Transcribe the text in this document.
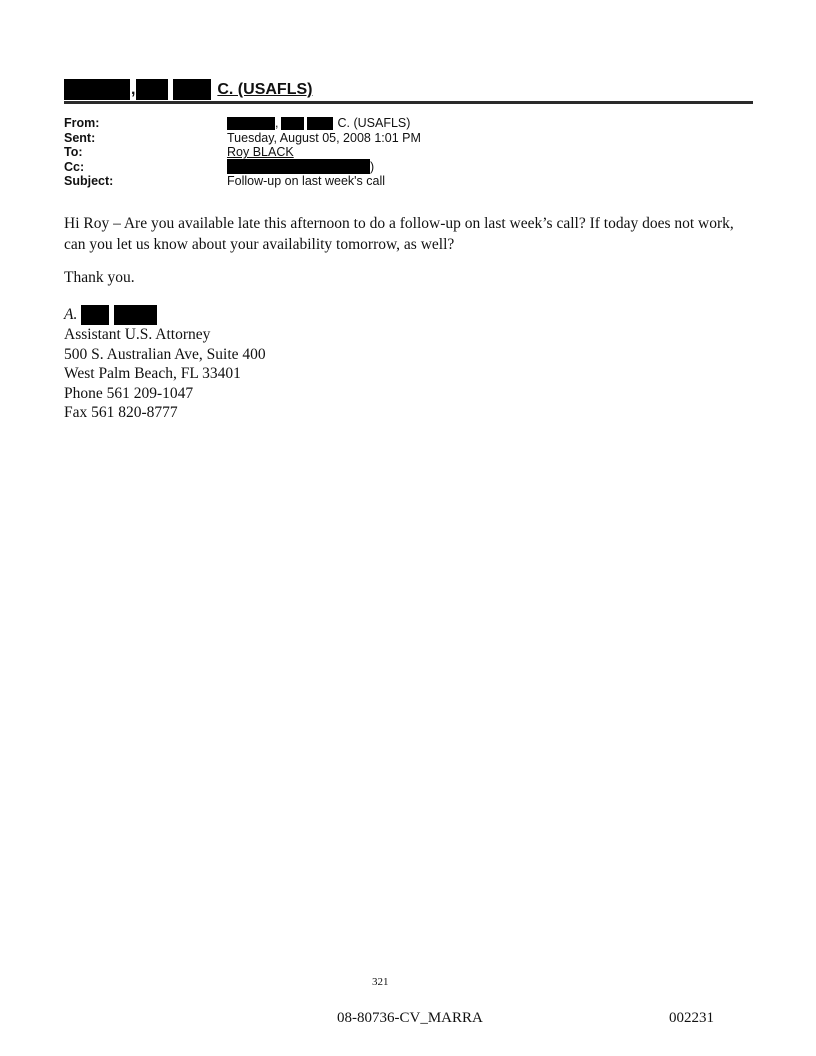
,	C. (USAFLS)
From:	,	C. (USAFLS)
Sent:	Tuesday, August 05, 2008 1:01 PM
To:	Roy BLACK
Cc:	)
Subject:	Follow-up on last week's call

Hi Roy – Are you available late this afternoon to do a follow-up on last week’s call? If today does not work, can you let us know about your availability tomorrow, as well?

Thank you.

A.
Assistant U.S. Attorney
500 S. Australian Ave, Suite 400
West Palm Beach, FL 33401
Phone 561 209-1047
Fax 561 820-8777
321
08-80736-CV_MARRA	002231
